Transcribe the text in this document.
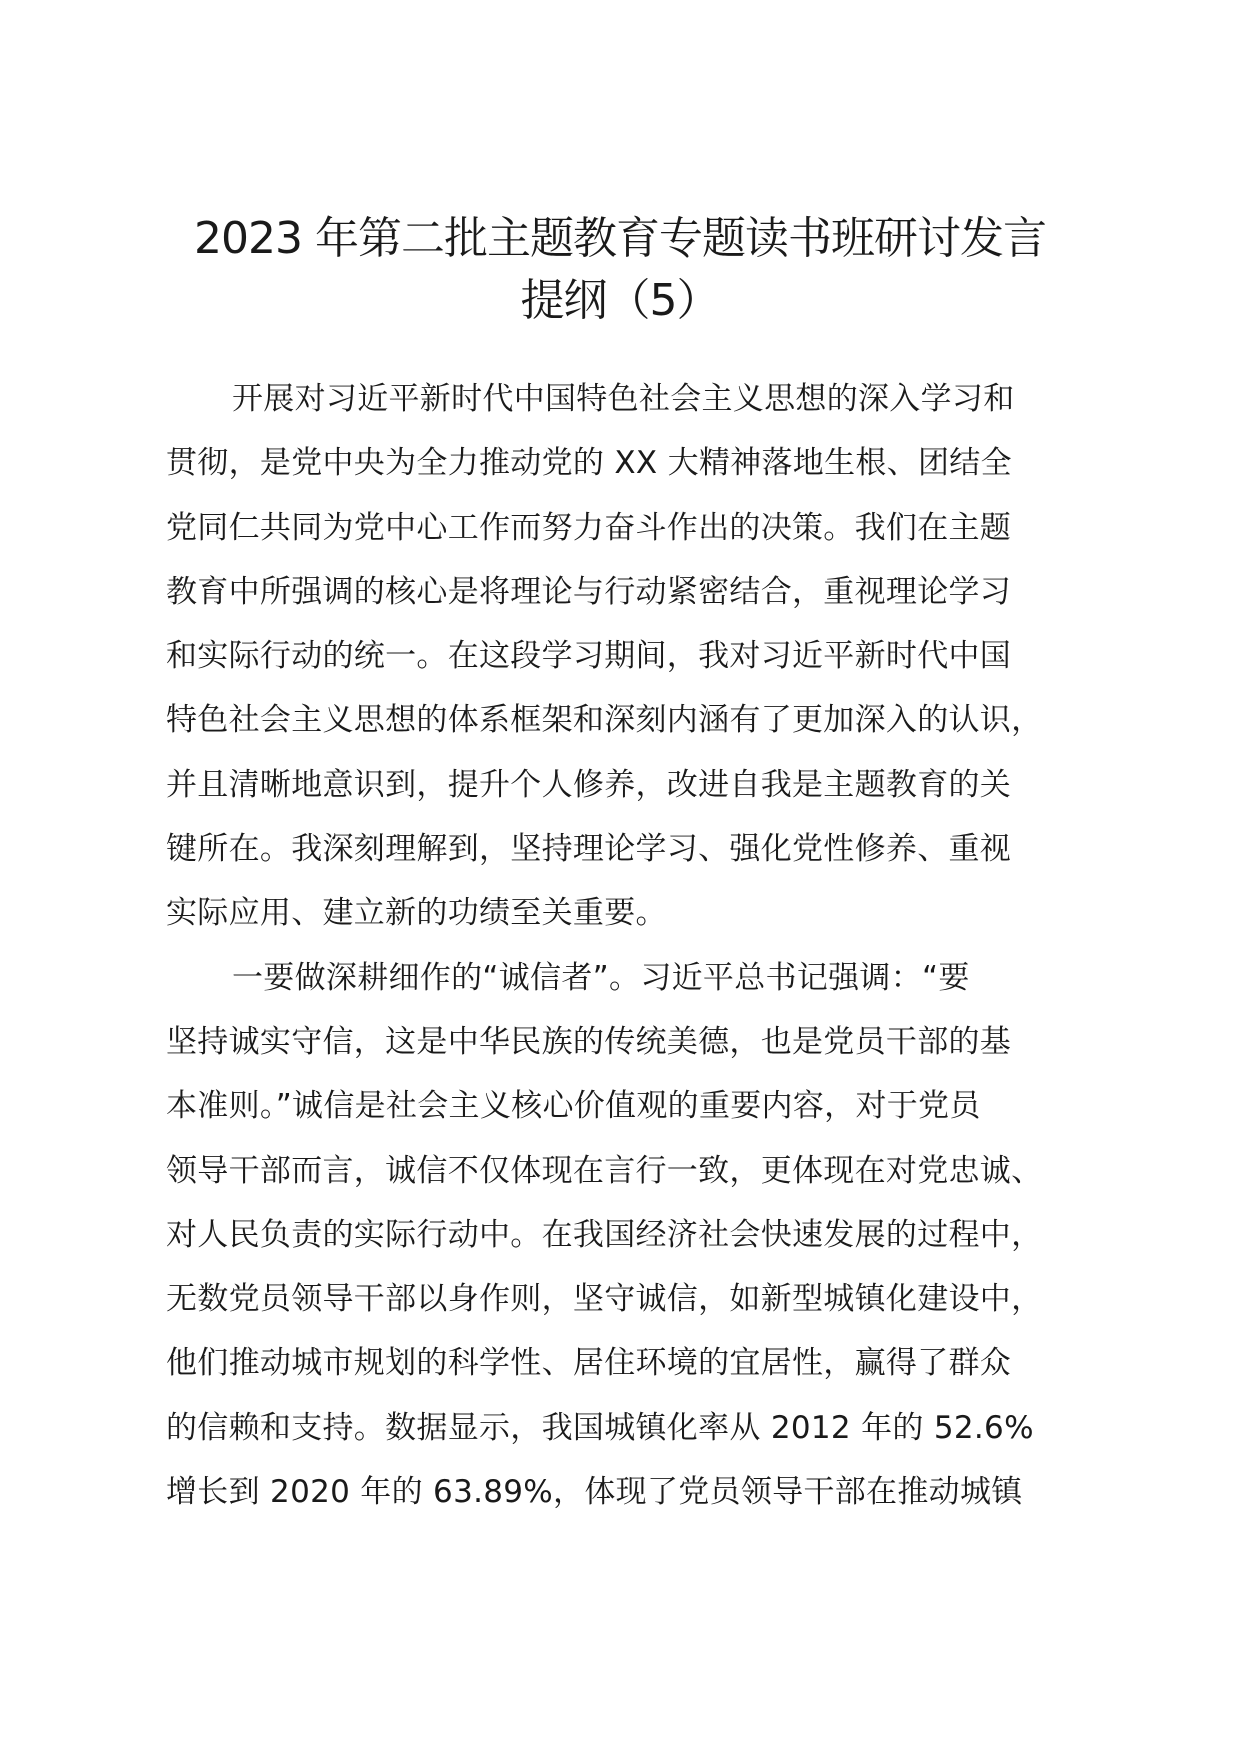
2023 年第二批主题教育专题读书班研讨发言
提纲（5）
开展对习近平新时代中国特色社会主义思想的深入学习和
贯彻，是党中央为全力推动党的 XX 大精神落地生根、团结全
党同仁共同为党中心工作而努力奋斗作出的决策。我们在主题
教育中所强调的核心是将理论与行动紧密结合，重视理论学习
和实际行动的统一。在这段学习期间，我对习近平新时代中国
特色社会主义思想的体系框架和深刻内涵有了更加深入的认识，
并且清晰地意识到，提升个人修养，改进自我是主题教育的关
键所在。我深刻理解到，坚持理论学习、强化党性修养、重视
实际应用、建立新的功绩至关重要。
一要做深耕细作的“诚信者”。习近平总书记强调：“要
坚持诚实守信，这是中华民族的传统美德，也是党员干部的基
本准则。”诚信是社会主义核心价值观的重要内容，对于党员
领导干部而言，诚信不仅体现在言行一致，更体现在对党忠诚、
对人民负责的实际行动中。在我国经济社会快速发展的过程中，
无数党员领导干部以身作则，坚守诚信，如新型城镇化建设中，
他们推动城市规划的科学性、居住环境的宜居性，赢得了群众
的信赖和支持。数据显示，我国城镇化率从 2012 年的 52.6%
增长到 2020 年的 63.89%，体现了党员领导干部在推动城镇
